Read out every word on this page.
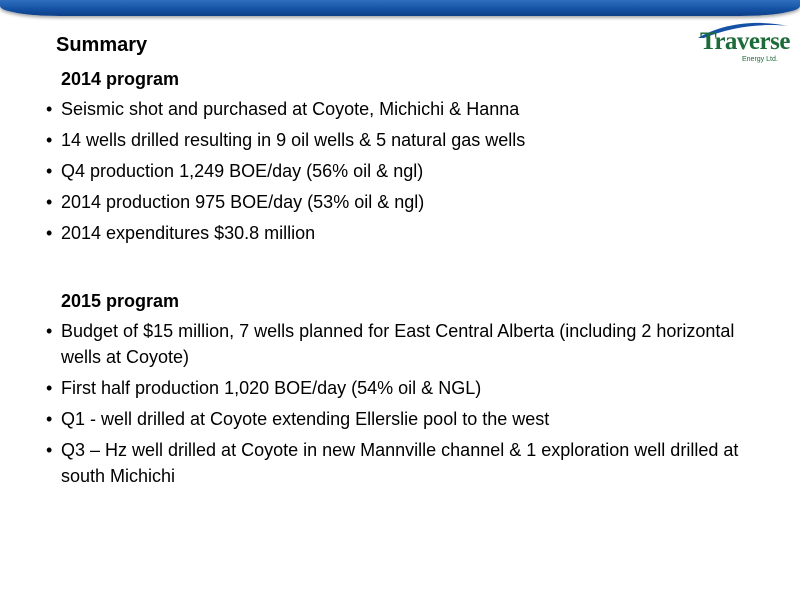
Traverse
Energy Ltd.
Summary
2014 program
• Seismic shot and purchased at Coyote, Michichi & Hanna
• 14 wells drilled resulting in 9 oil wells & 5 natural gas wells
• Q4 production 1,249 BOE/day (56% oil & ngl)
• 2014 production 975 BOE/day (53% oil & ngl)
• 2014 expenditures $30.8 million
2015 program
• Budget of $15 million, 7 wells planned for East Central Alberta (including 2 horizontal wells at Coyote)
• First half production 1,020 BOE/day (54% oil & NGL)
• Q1 - well drilled at Coyote extending Ellerslie pool to the west
• Q3 – Hz well drilled at Coyote in new Mannville channel & 1 exploration well drilled at south Michichi
